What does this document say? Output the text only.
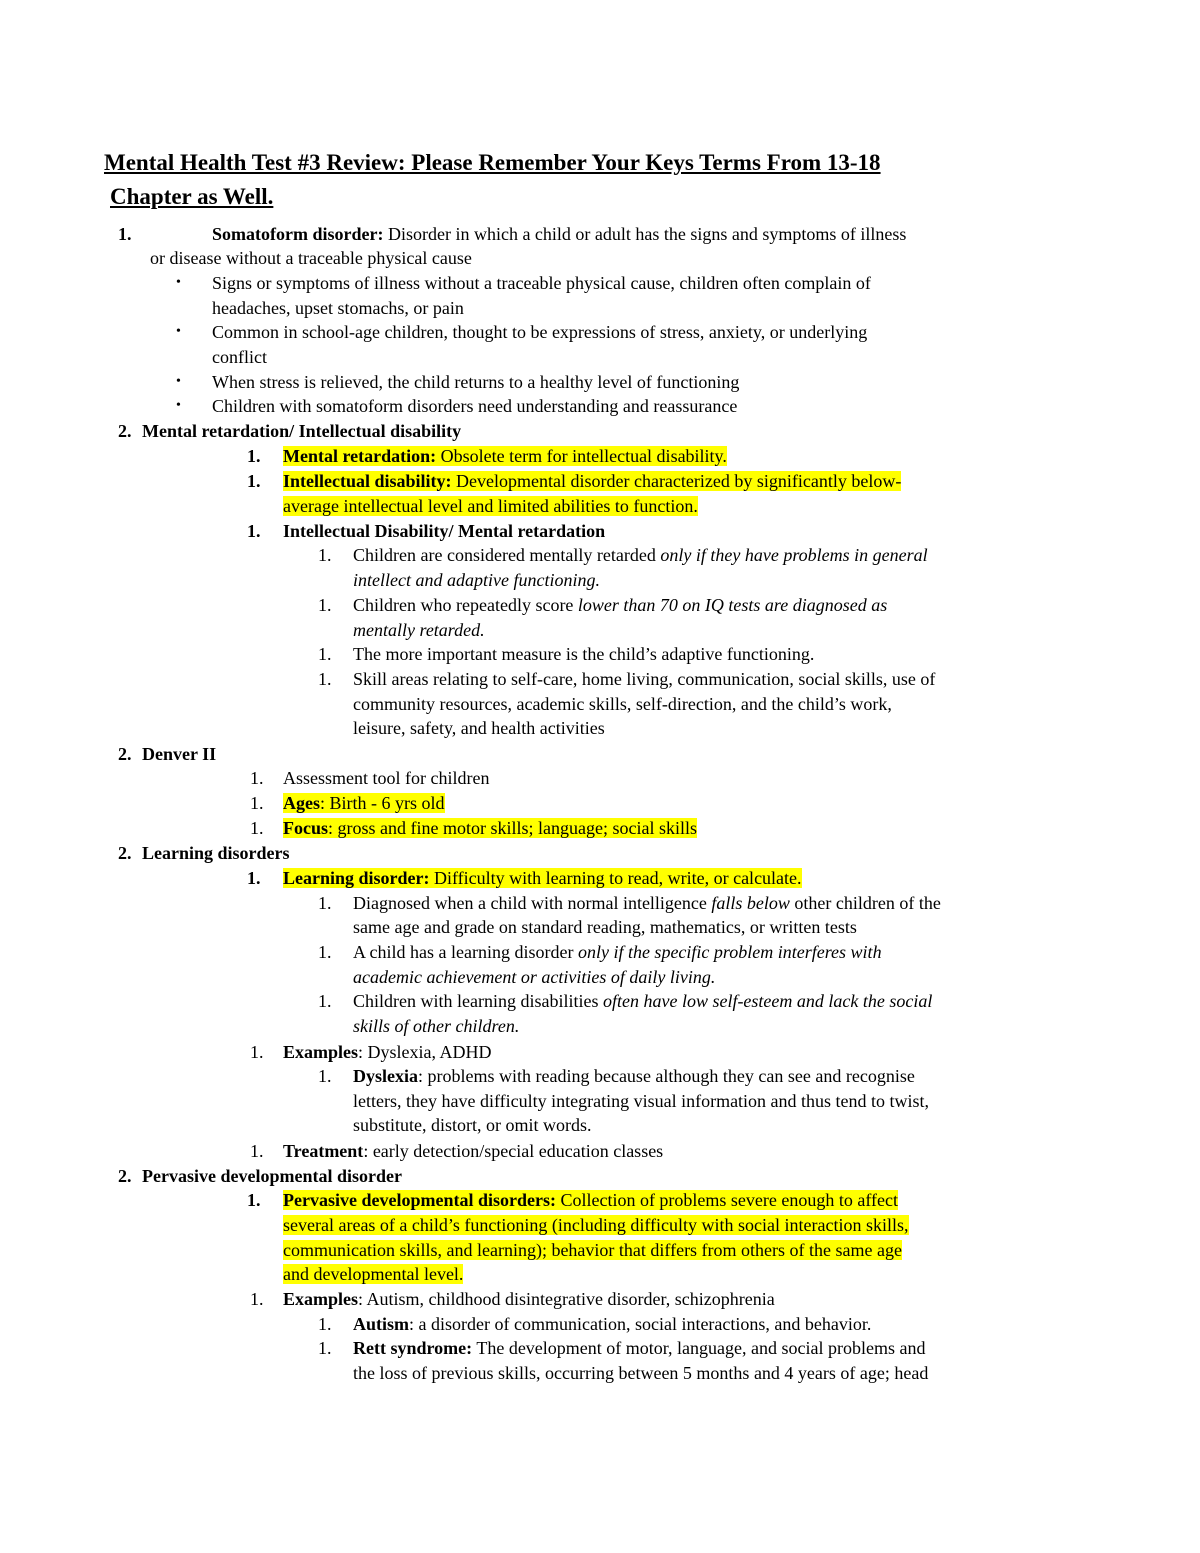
Mental Health Test #3 Review: Please Remember Your Keys Terms From 13-18
Chapter as Well.
1.	Somatoform disorder: Disorder in which a child or adult has the signs and symptoms of illness
or disease without a traceable physical cause
• Signs or symptoms of illness without a traceable physical cause, children often complain of
headaches, upset stomachs, or pain
• Common in school-age children, thought to be expressions of stress, anxiety, or underlying
conflict
• When stress is relieved, the child returns to a healthy level of functioning
• Children with somatoform disorders need understanding and reassurance
2. Mental retardation/ Intellectual disability
1. Mental retardation: Obsolete term for intellectual disability.
1. Intellectual disability: Developmental disorder characterized by significantly below-
average intellectual level and limited abilities to function.
1. Intellectual Disability/ Mental retardation
1. Children are considered mentally retarded only if they have problems in general
intellect and adaptive functioning.
1. Children who repeatedly score lower than 70 on IQ tests are diagnosed as
mentally retarded.
1. The more important measure is the child’s adaptive functioning.
1. Skill areas relating to self-care, home living, communication, social skills, use of
community resources, academic skills, self-direction, and the child’s work,
leisure, safety, and health activities
2. Denver II
1. Assessment tool for children
1. Ages: Birth - 6 yrs old
1. Focus: gross and fine motor skills; language; social skills
2. Learning disorders
1. Learning disorder: Difficulty with learning to read, write, or calculate.
1. Diagnosed when a child with normal intelligence falls below other children of the
same age and grade on standard reading, mathematics, or written tests
1. A child has a learning disorder only if the specific problem interferes with
academic achievement or activities of daily living.
1. Children with learning disabilities often have low self-esteem and lack the social
skills of other children.
1. Examples: Dyslexia, ADHD
1. Dyslexia: problems with reading because although they can see and recognise
letters, they have difficulty integrating visual information and thus tend to twist,
substitute, distort, or omit words.
1. Treatment: early detection/special education classes
2. Pervasive developmental disorder
1. Pervasive developmental disorders: Collection of problems severe enough to affect
several areas of a child’s functioning (including difficulty with social interaction skills,
communication skills, and learning); behavior that differs from others of the same age
and developmental level.
1. Examples: Autism, childhood disintegrative disorder, schizophrenia
1. Autism: a disorder of communication, social interactions, and behavior.
1. Rett syndrome: The development of motor, language, and social problems and
the loss of previous skills, occurring between 5 months and 4 years of age; head
